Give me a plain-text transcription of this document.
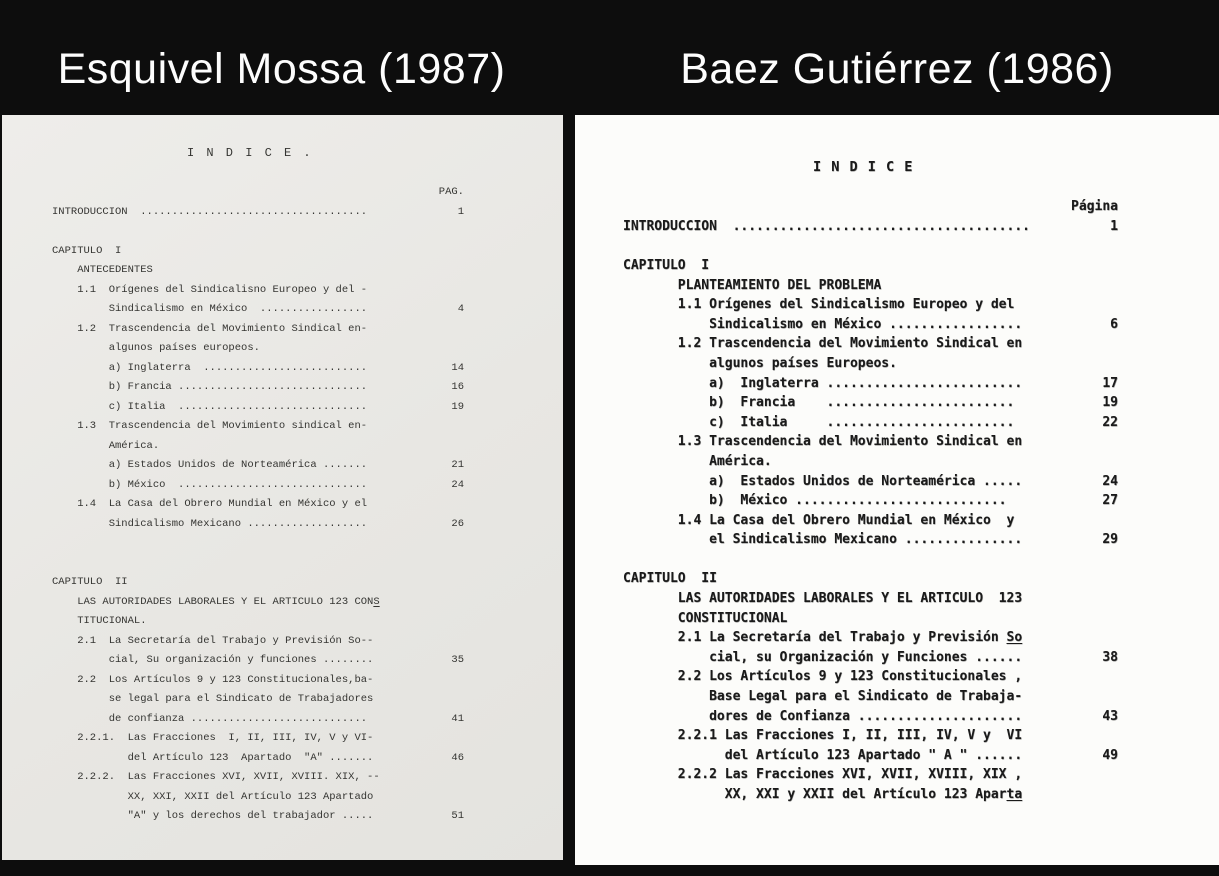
Esquivel Mossa (1987)	Baez Gutiérrez (1986)
I N D I C E .
PAG.
INTRODUCCION  ....................................	1
CAPITULO  I
ANTECEDENTES
1.1  Orígenes del Sindicalisno Europeo y del -
Sindicalismo en México  .................	4
1.2  Trascendencia del Movimiento Sindical en-
algunos países europeos.
a) Inglaterra  ..........................	14
b) Francia ..............................	16
c) Italia  ..............................	19
1.3  Trascendencia del Movimiento sindical en-
América.
a) Estados Unidos de Norteamérica .......	21
b) México  ..............................	24
1.4  La Casa del Obrero Mundial en México y el
Sindicalismo Mexicano ...................	26
CAPITULO  II
LAS AUTORIDADES LABORALES Y EL ARTICULO 123 CONS
TITUCIONAL.
2.1  La Secretaría del Trabajo y Previsión So--
cial, Su organización y funciones ........	35
2.2  Los Artículos 9 y 123 Constitucionales,ba-
se legal para el Sindicato de Trabajadores
de confianza ............................	41
2.2.1.  Las Fracciones  I, II, III, IV, V y VI-
del Artículo 123  Apartado  "A" .......	46
2.2.2.  Las Fracciones XVI, XVII, XVIII. XIX, --
XX, XXI, XXII del Artículo 123 Apartado
"A" y los derechos del trabajador .....	51
I N D I C E
Página
INTRODUCCION  ......................................	1
CAPITULO  I
PLANTEAMIENTO DEL PROBLEMA
1.1 Orígenes del Sindicalismo Europeo y del
Sindicalismo en México .................	6
1.2 Trascendencia del Movimiento Sindical en
algunos países Europeos.
a)  Inglaterra .........................	17
b)  Francia    ........................	19
c)  Italia     ........................	22
1.3 Trascendencia del Movimiento Sindical en
América.
a)  Estados Unidos de Norteamérica .....	24
b)  México ...........................	27
1.4 La Casa del Obrero Mundial en México  y
el Sindicalismo Mexicano ...............	29
CAPITULO  II
LAS AUTORIDADES LABORALES Y EL ARTICULO  123
CONSTITUCIONAL
2.1 La Secretaría del Trabajo y Previsión So
cial, su Organización y Funciones ......	38
2.2 Los Artículos 9 y 123 Constitucionales ,
Base Legal para el Sindicato de Trabaja-
dores de Confianza .....................	43
2.2.1 Las Fracciones I, II, III, IV, V y  VI
del Artículo 123 Apartado " A " ......	49
2.2.2 Las Fracciones XVI, XVII, XVIII, XIX ,
XX, XXI y XXII del Artículo 123 Aparta
